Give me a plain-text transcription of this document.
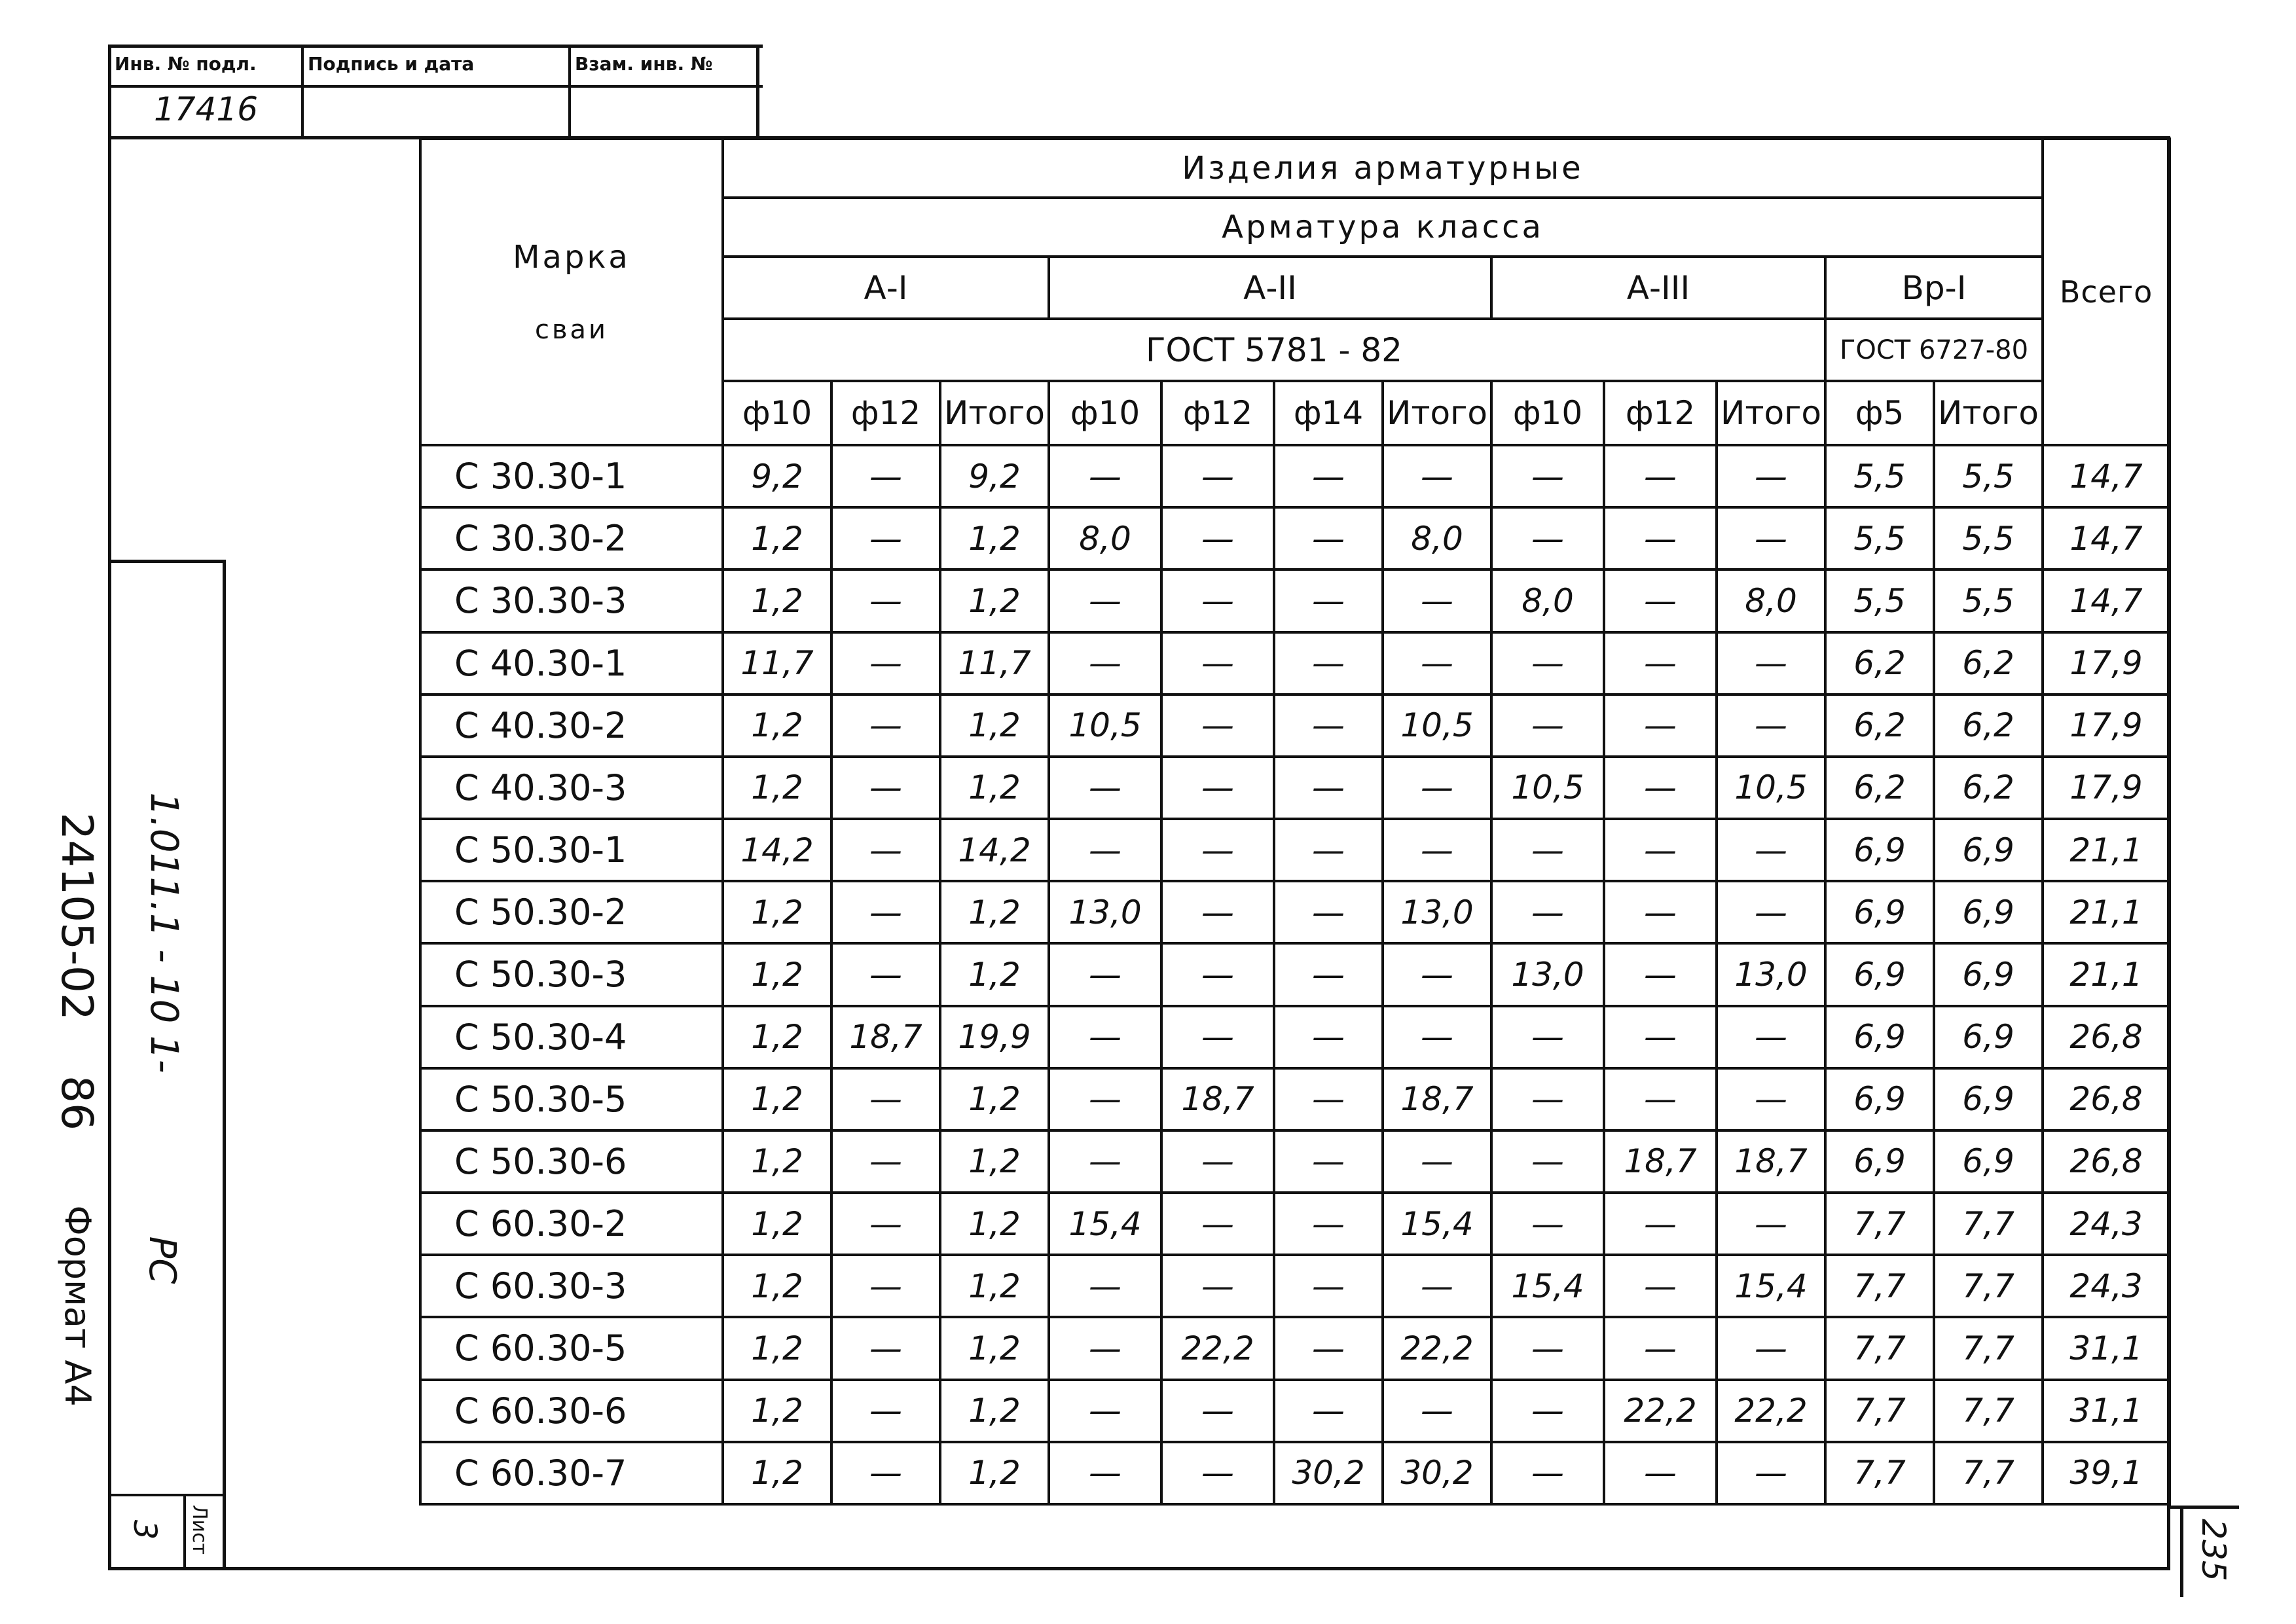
Инв. № подл.	Подпись и дата	Взам. инв. №
17416
1.011.1 - 10 1-
РС
Лист
3
24105-02
86
Формат А4
235
Марка
сваи	Изделия арматурные												Всего
	Арматура класса												
	А-I			А-II				А-III			Вр-I		
	ГОСТ 5781 - 82										ГОСТ 6727-80		
	ф10	ф12	Итого	ф10	ф12	ф14	Итого	ф10	ф12	Итого	ф5	Итого	
С 30.30-1	9,2	—	9,2	—	—	—	—	—	—	—	5,5	5,5	14,7
С 30.30-2	1,2	—	1,2	8,0	—	—	8,0	—	—	—	5,5	5,5	14,7
С 30.30-3	1,2	—	1,2	—	—	—	—	8,0	—	8,0	5,5	5,5	14,7
С 40.30-1	11,7	—	11,7	—	—	—	—	—	—	—	6,2	6,2	17,9
С 40.30-2	1,2	—	1,2	10,5	—	—	10,5	—	—	—	6,2	6,2	17,9
С 40.30-3	1,2	—	1,2	—	—	—	—	10,5	—	10,5	6,2	6,2	17,9
С 50.30-1	14,2	—	14,2	—	—	—	—	—	—	—	6,9	6,9	21,1
С 50.30-2	1,2	—	1,2	13,0	—	—	13,0	—	—	—	6,9	6,9	21,1
С 50.30-3	1,2	—	1,2	—	—	—	—	13,0	—	13,0	6,9	6,9	21,1
С 50.30-4	1,2	18,7	19,9	—	—	—	—	—	—	—	6,9	6,9	26,8
С 50.30-5	1,2	—	1,2	—	18,7	—	18,7	—	—	—	6,9	6,9	26,8
С 50.30-6	1,2	—	1,2	—	—	—	—	—	18,7	18,7	6,9	6,9	26,8
С 60.30-2	1,2	—	1,2	15,4	—	—	15,4	—	—	—	7,7	7,7	24,3
С 60.30-3	1,2	—	1,2	—	—	—	—	15,4	—	15,4	7,7	7,7	24,3
С 60.30-5	1,2	—	1,2	—	22,2	—	22,2	—	—	—	7,7	7,7	31,1
С 60.30-6	1,2	—	1,2	—	—	—	—	—	22,2	22,2	7,7	7,7	31,1
С 60.30-7	1,2	—	1,2	—	—	30,2	30,2	—	—	—	7,7	7,7	39,1
